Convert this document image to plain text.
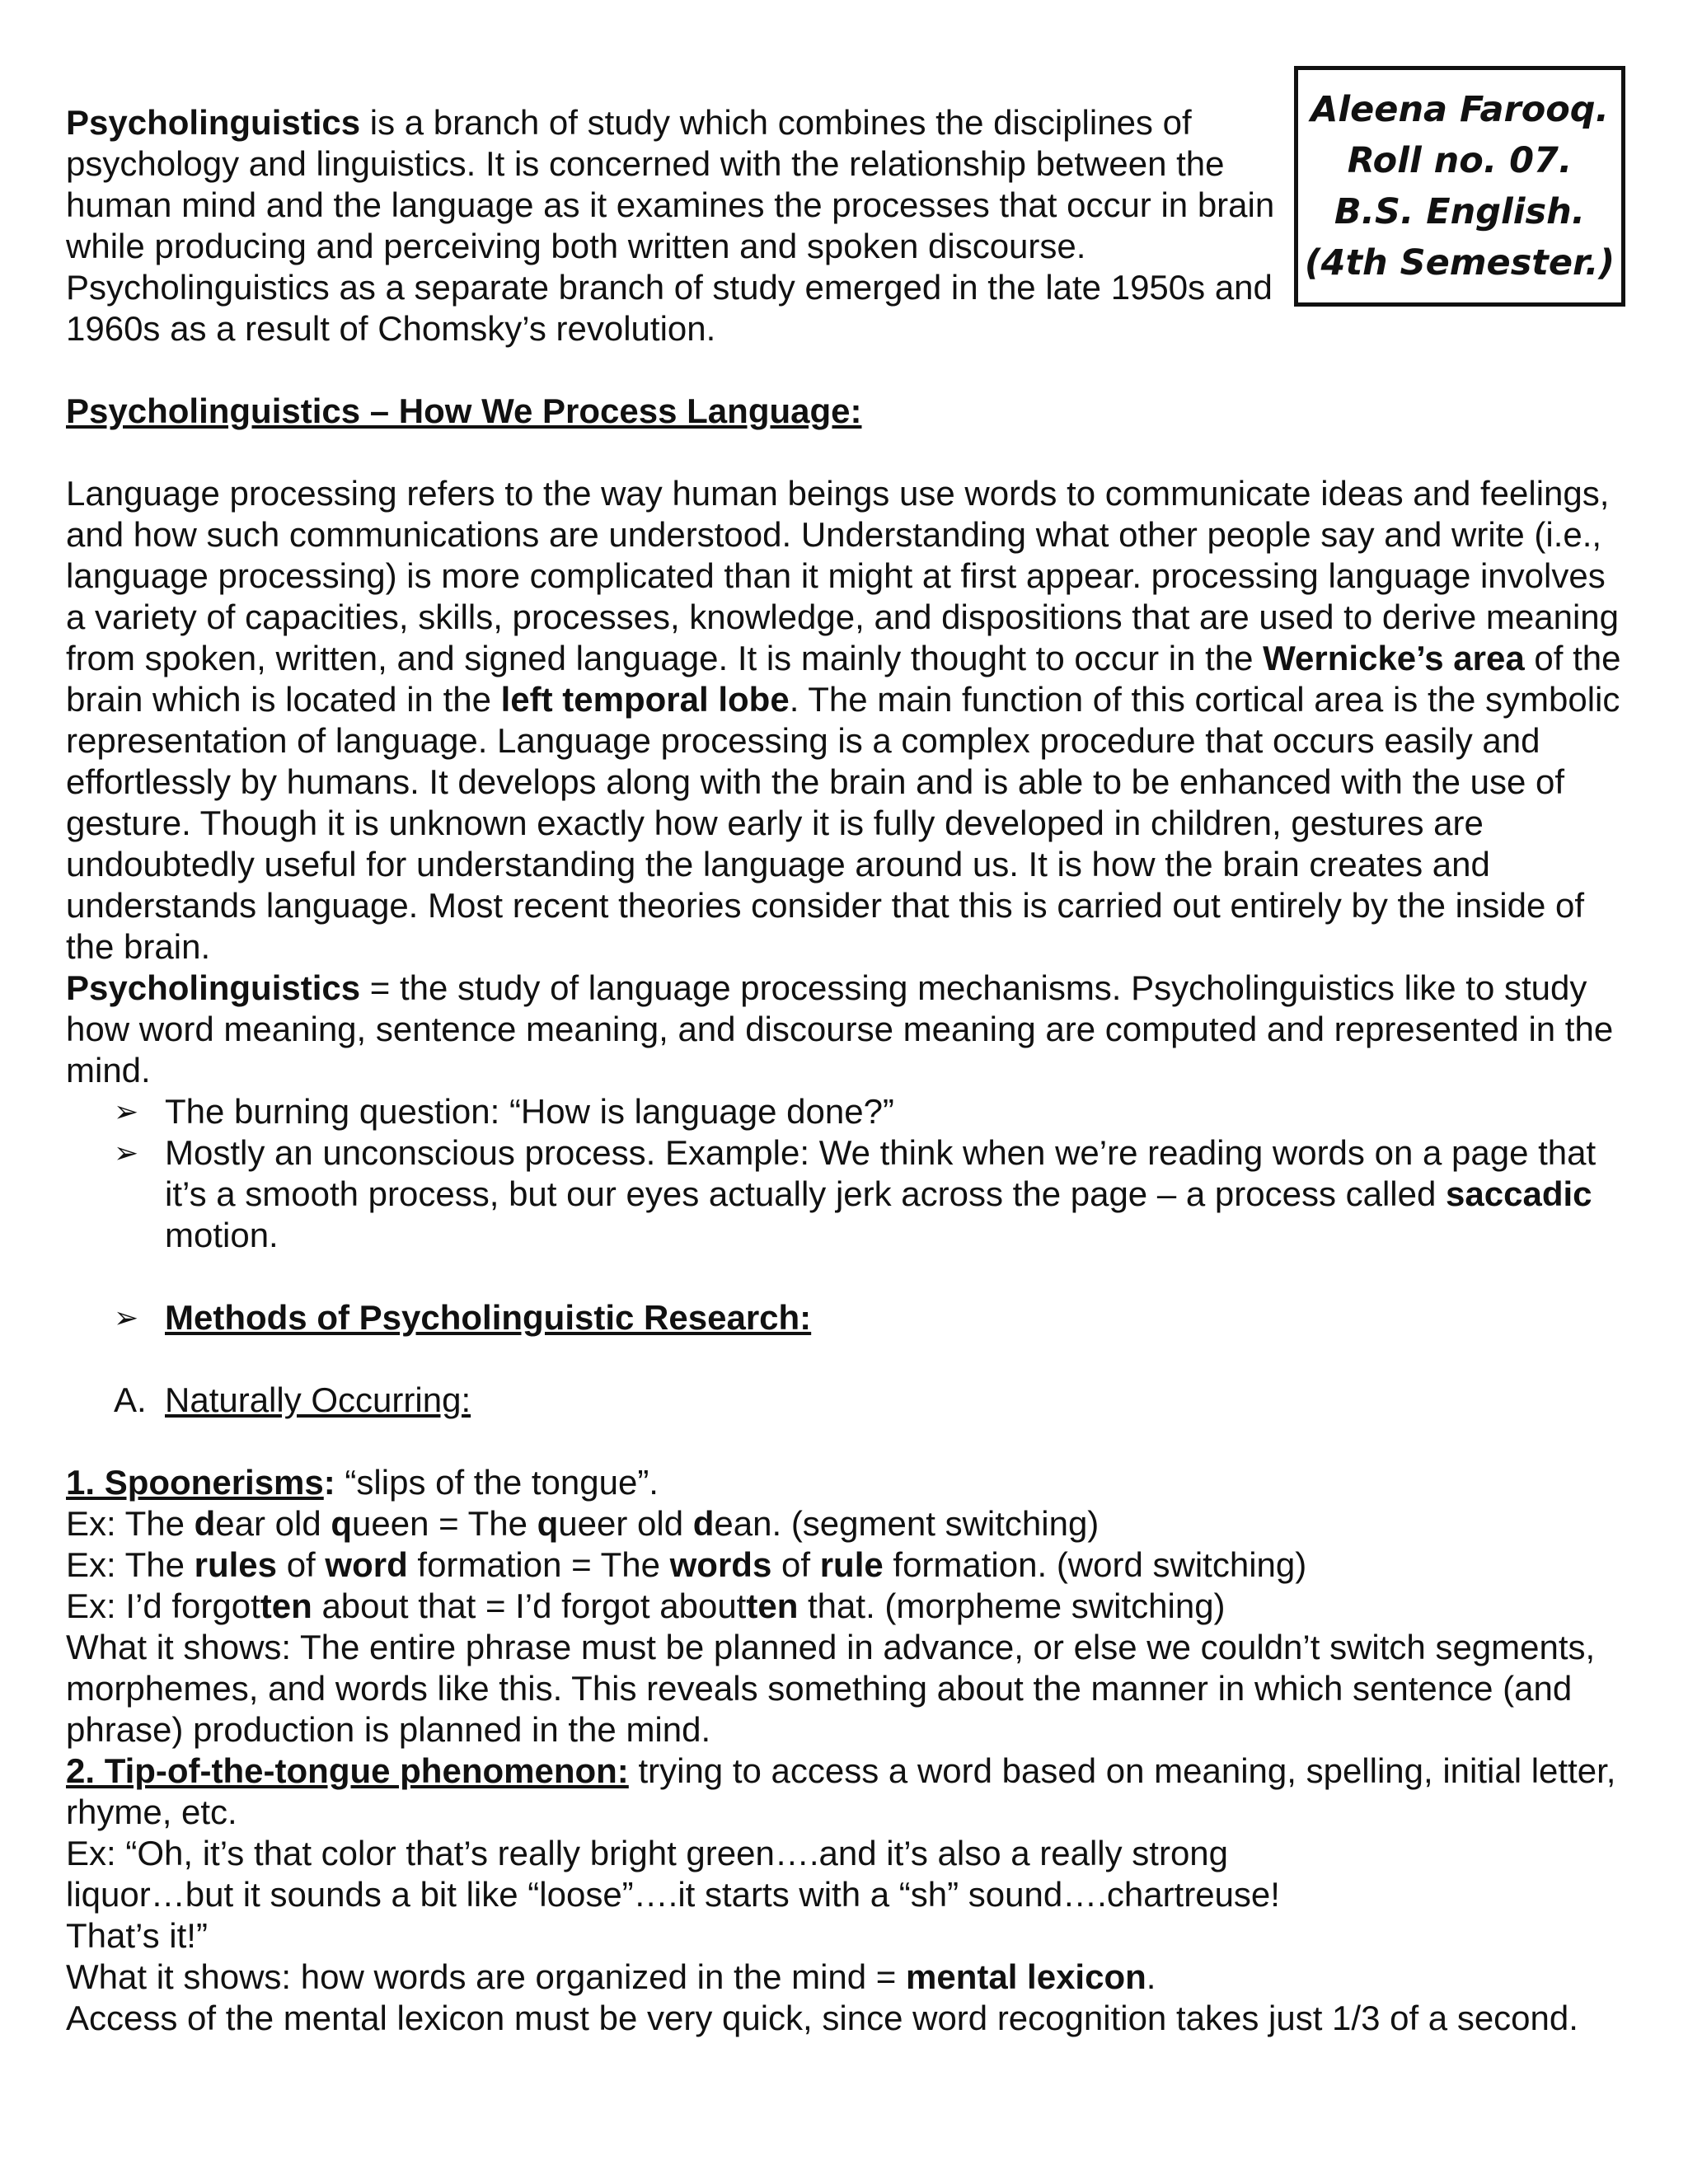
Aleena Farooq.
Roll no. 07.
B.S. English.
(4th Semester.)

Psycholinguistics is a branch of study which combines the disciplines of psychology and linguistics. It is concerned with the relationship between the human mind and the language as it examines the processes that occur in brain while producing and perceiving both written and spoken discourse. Psycholinguistics as a separate branch of study emerged in the late 1950s and 1960s as a result of Chomsky’s revolution.

Psycholinguistics – How We Process Language:

Language processing refers to the way human beings use words to communicate ideas and feelings, and how such communications are understood. Understanding what other people say and write (i.e., language processing) is more complicated than it might at first appear. processing language involves a variety of capacities, skills, processes, knowledge, and dispositions that are used to derive meaning from spoken, written, and signed language. It is mainly thought to occur in the Wernicke’s area of the brain which is located in the left temporal lobe. The main function of this cortical area is the symbolic representation of language. Language processing is a complex procedure that occurs easily and effortlessly by humans. It develops along with the brain and is able to be enhanced with the use of gesture. Though it is unknown exactly how early it is fully developed in children, gestures are undoubtedly useful for understanding the language around us. It is how the brain creates and understands language. Most recent theories consider that this is carried out entirely by the inside of the brain.

Psycholinguistics = the study of language processing mechanisms. Psycholinguistics like to study how word meaning, sentence meaning, and discourse meaning are computed and represented in the mind.

➢ The burning question: “How is language done?”
➢ Mostly an unconscious process. Example: We think when we’re reading words on a page that it’s a smooth process, but our eyes actually jerk across the page – a process called saccadic motion.
➢ Methods of Psycholinguistic Research:

A. Naturally Occurring:

1. Spoonerisms: “slips of the tongue”.

Ex: The dear old queen = The queer old dean. (segment switching)

Ex: The rules of word formation = The words of rule formation. (word switching)

Ex: I’d forgotten about that = I’d forgot aboutten that. (morpheme switching)

What it shows: The entire phrase must be planned in advance, or else we couldn’t switch segments, morphemes, and words like this. This reveals something about the manner in which sentence (and phrase) production is planned in the mind.

2. Tip-of-the-tongue phenomenon: trying to access a word based on meaning, spelling, initial letter, rhyme, etc.

Ex: “Oh, it’s that color that’s really bright green….and it’s also a really strong

liquor…but it sounds a bit like “loose”….it starts with a “sh” sound….chartreuse!

That’s it!”

What it shows: how words are organized in the mind = mental lexicon.

Access of the mental lexicon must be very quick, since word recognition takes just 1/3 of a second.
